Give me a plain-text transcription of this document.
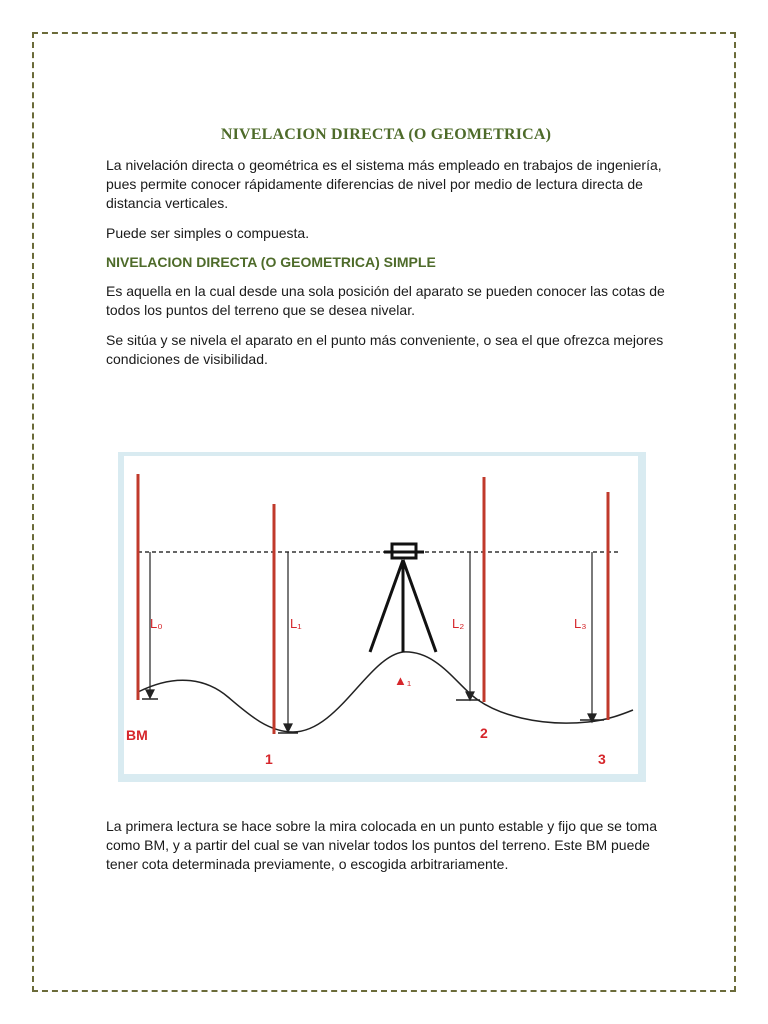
NIVELACION DIRECTA (O GEOMETRICA)

La nivelación directa o geométrica es el sistema más empleado en trabajos de ingeniería, pues permite conocer rápidamente diferencias de nivel por medio de lectura directa de distancia verticales.

Puede ser simples o compuesta.

NIVELACION DIRECTA (O GEOMETRICA) SIMPLE

Es aquella en la cual desde una sola posición del aparato se pueden conocer las cotas de todos los puntos del terreno que se desea nivelar.

Se sitúa y se nivela el aparato en el punto más conveniente, o sea el que ofrezca mejores condiciones de visibilidad.

L₀	L₁	L₂	L₃
▲₁
BM
1
2
3

La primera lectura se hace sobre la mira colocada en un punto estable y fijo que se toma como BM, y a partir del cual se van nivelar todos los puntos del terreno. Este BM puede tener cota determinada previamente, o escogida arbitrariamente.
